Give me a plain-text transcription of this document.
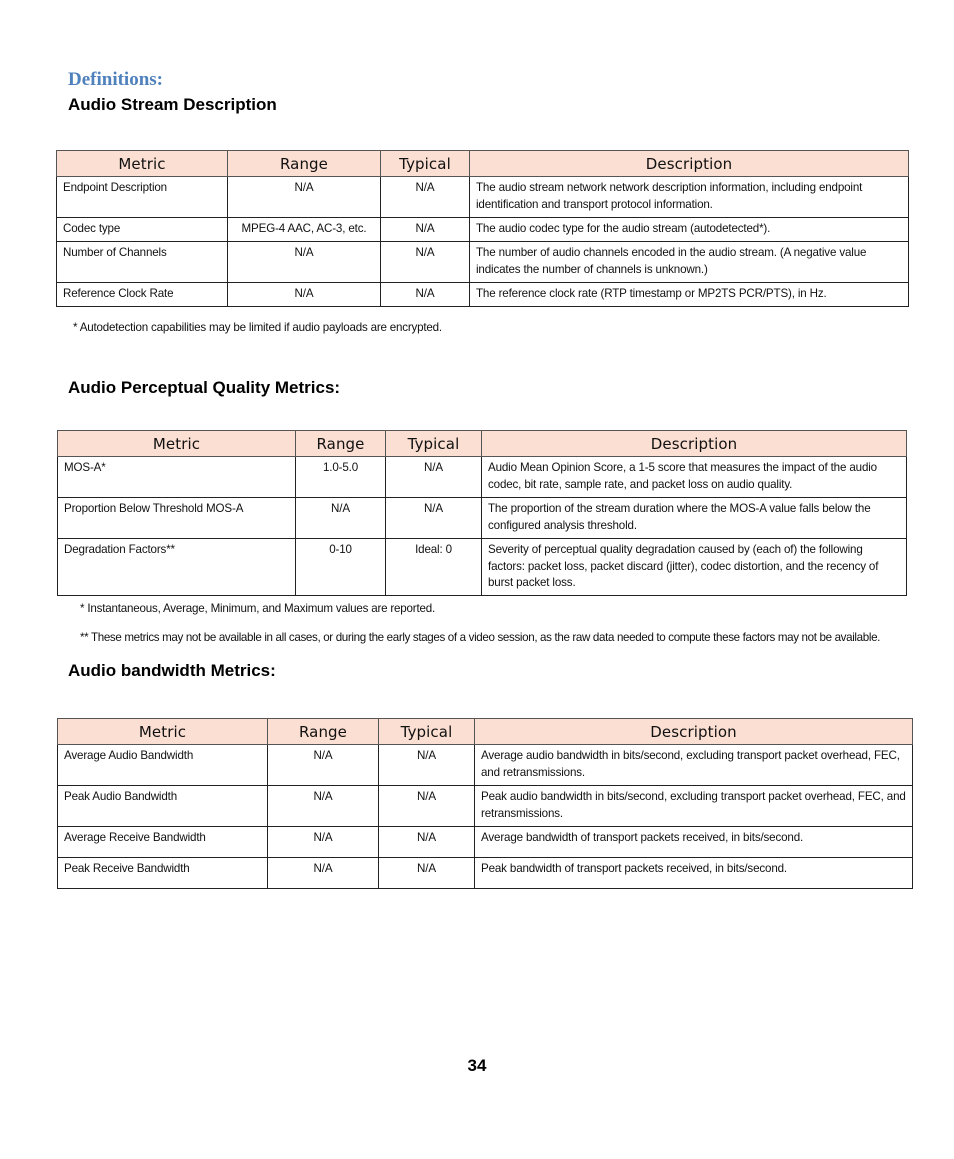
Definitions:
Audio Stream Description
Metric	Range	Typical	Description
Endpoint Description	N/A	N/A	The audio stream network network description information, including endpoint identification and transport protocol information.
Codec type	MPEG-4 AAC, AC-3, etc.	N/A	The audio codec type for the audio stream (autodetected*).
Number of Channels	N/A	N/A	The number of audio channels encoded in the audio stream. (A negative value indicates the number of channels is unknown.)
Reference Clock Rate	N/A	N/A	The reference clock rate (RTP timestamp or MP2TS PCR/PTS), in Hz.
* Autodetection capabilities may be limited if audio payloads are encrypted.
Audio Perceptual Quality Metrics:
Metric	Range	Typical	Description
MOS-A*	1.0-5.0	N/A	Audio Mean Opinion Score, a 1-5 score that measures the impact of the audio codec, bit rate, sample rate, and packet loss on audio quality.
Proportion Below Threshold MOS-A	N/A	N/A	The proportion of the stream duration where the MOS-A value falls below the configured analysis threshold.
Degradation Factors**	0-10	Ideal: 0	Severity of perceptual quality degradation caused by (each of) the following factors: packet loss, packet discard (jitter), codec distortion, and the recency of burst packet loss.
* Instantaneous, Average, Minimum, and Maximum values are reported.
** These metrics may not be available in all cases, or during the early stages of a video session, as the raw data needed to compute these factors may not be available.
Audio bandwidth Metrics:
Metric	Range	Typical	Description
Average Audio Bandwidth	N/A	N/A	Average audio bandwidth in bits/second, excluding transport packet overhead, FEC, and retransmissions.
Peak Audio Bandwidth	N/A	N/A	Peak audio bandwidth in bits/second, excluding transport packet overhead, FEC, and retransmissions.
Average Receive Bandwidth	N/A	N/A	Average bandwidth of transport packets received, in bits/second.
Peak Receive Bandwidth	N/A	N/A	Peak bandwidth of transport packets received, in bits/second.
34
